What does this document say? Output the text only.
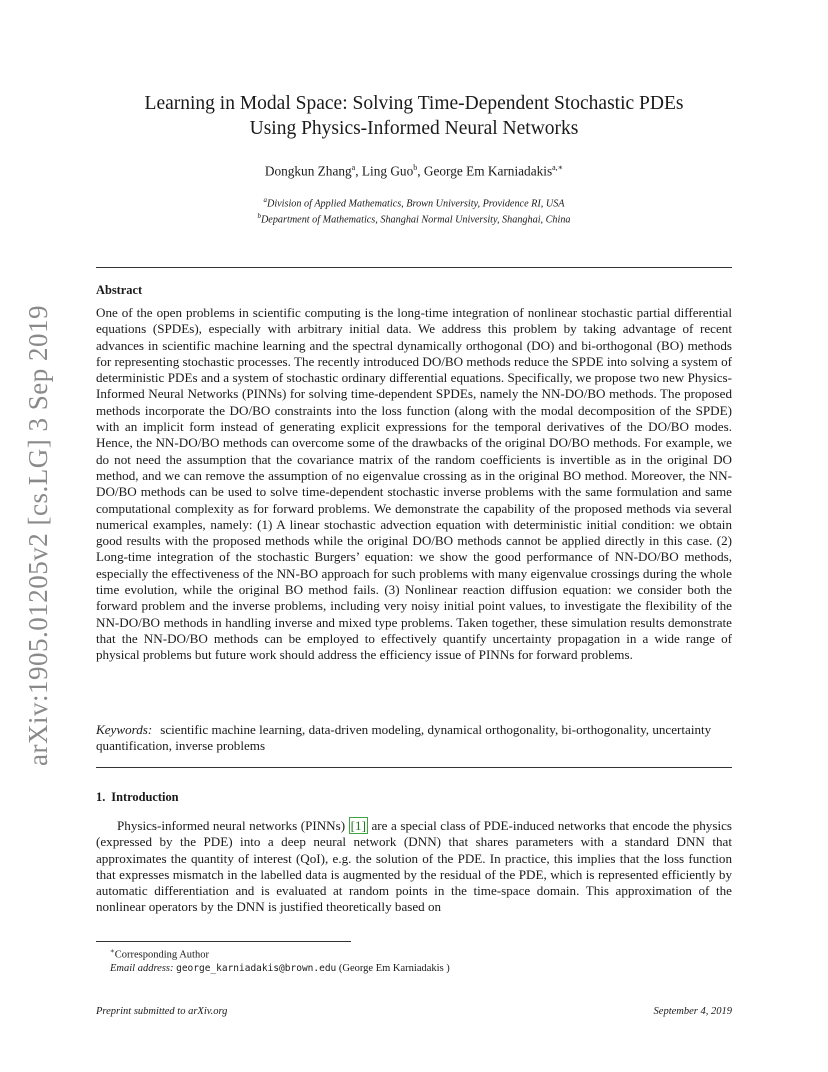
arXiv:1905.01205v2 [cs.LG] 3 Sep 2019
Learning in Modal Space: Solving Time-Dependent Stochastic PDEs
Using Physics-Informed Neural Networks
Dongkun Zhang$^a$, Ling Guo$^b$, George Em Karniadakis$^{a,∗}$
$^a$Division of Applied Mathematics, Brown University, Providence RI, USA
$^b$Department of Mathematics, Shanghai Normal University, Shanghai, China
Abstract
One of the open problems in scientific computing is the long-time integration of nonlinear stochastic partial differential equations (SPDEs), especially with arbitrary initial data. We address this problem by taking advantage of recent advances in scientific machine learning and the spectral dynamically orthogonal (DO) and bi-orthogonal (BO) methods for representing stochastic processes. The recently introduced DO/BO methods reduce the SPDE into solving a system of deterministic PDEs and a system of stochastic ordinary differential equations. Specifically, we propose two new Physics-Informed Neural Networks (PINNs) for solving time-dependent SPDEs, namely the NN-DO/BO methods. The proposed methods incorporate the DO/BO constraints into the loss function (along with the modal decomposition of the SPDE) with an implicit form instead of generating explicit expressions for the temporal derivatives of the DO/BO modes. Hence, the NN-DO/BO methods can overcome some of the drawbacks of the original DO/BO methods. For example, we do not need the assumption that the covariance matrix of the random coefficients is invertible as in the original DO method, and we can remove the assumption of no eigenvalue crossing as in the original BO method. Moreover, the NN-DO/BO methods can be used to solve time-dependent stochastic inverse problems with the same formulation and same computational complexity as for forward problems. We demonstrate the capability of the proposed methods via several numerical examples, namely: (1) A linear stochastic advection equation with deterministic initial condition: we obtain good results with the proposed methods while the original DO/BO methods cannot be applied directly in this case. (2) Long-time integration of the stochastic Burgers’ equation: we show the good performance of NN-DO/BO methods, especially the effectiveness of the NN-BO approach for such problems with many eigenvalue crossings during the whole time evolution, while the original BO method fails. (3) Nonlinear reaction diffusion equation: we consider both the forward problem and the inverse problems, including very noisy initial point values, to investigate the flexibility of the NN-DO/BO methods in handling inverse and mixed type problems. Taken together, these simulation results demonstrate that the NN-DO/BO methods can be employed to effectively quantify uncertainty propagation in a wide range of physical problems but future work should address the efficiency issue of PINNs for forward problems.
Keywords: scientific machine learning, data-driven modeling, dynamical orthogonality, bi-orthogonality, uncertainty quantification, inverse problems
1. Introduction
Physics-informed neural networks (PINNs) [1] are a special class of PDE-induced networks that encode the physics (expressed by the PDE) into a deep neural network (DNN) that shares parameters with a standard DNN that approximates the quantity of interest (QoI), e.g. the solution of the PDE. In practice, this implies that the loss function that expresses mismatch in the labelled data is augmented by the residual of the PDE, which is represented efficiently by automatic differentiation and is evaluated at random points in the time-space domain. This approximation of the nonlinear operators by the DNN is justified theoretically based on
∗Corresponding Author
Email address: george_karniadakis@brown.edu (George Em Karniadakis )
Preprint submitted to arXiv.org	September 4, 2019
